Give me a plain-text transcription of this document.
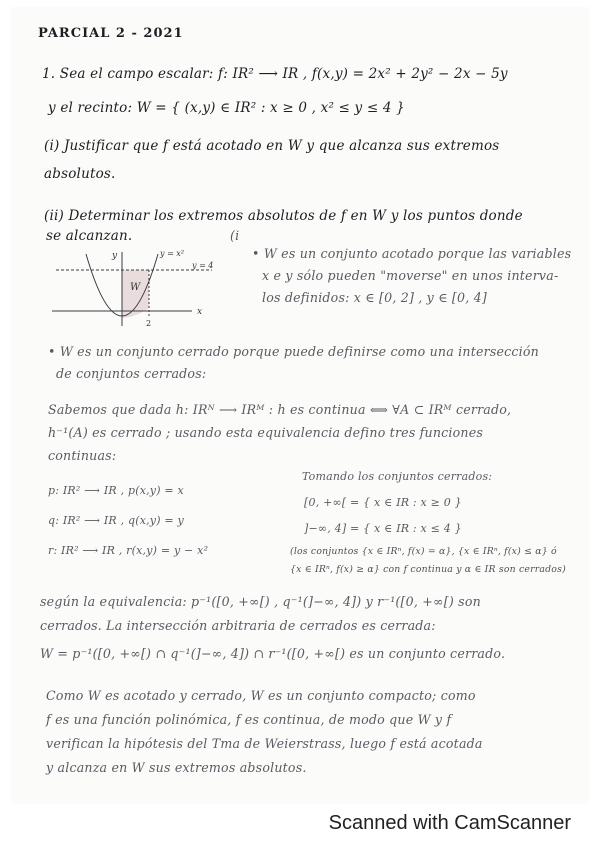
PARCIAL 2 - 2021
1. Sea el campo escalar: f: IR² ⟶ IR , f(x,y) = 2x² + 2y² − 2x − 5y
y el recinto: W = { (x,y) ∈ IR² : x ≥ 0 , x² ≤ y ≤ 4 }
(i) Justificar que f está acotado en W y que alcanza sus extremos
absolutos.
(ii) Determinar los extremos absolutos de f en W y los puntos donde
se alcanzan.	(i
y	y = x²
y = 4
W
x
2
• W es un conjunto acotado porque las variables
x e y sólo pueden "moverse" en unos interva-
los definidos: x ∈ [0, 2] , y ∈ [0, 4]
• W es un conjunto cerrado porque puede definirse como una intersección
de conjuntos cerrados:
Sabemos que dada h: IRᴺ ⟶ IRᴹ : h es continua ⟺ ∀A ⊂ IRᴹ cerrado,
h⁻¹(A) es cerrado ; usando esta equivalencia defino tres funciones
continuas:
p: IR² ⟶ IR , p(x,y) = x
q: IR² ⟶ IR , q(x,y) = y
r: IR² ⟶ IR , r(x,y) = y − x²
Tomando los conjuntos cerrados:
[0, +∞[ = { x ∈ IR : x ≥ 0 }
]−∞, 4] = { x ∈ IR : x ≤ 4 }
(los conjuntos {x ∈ IRⁿ, f(x) = α}, {x ∈ IRⁿ, f(x) ≤ α} ó
{x ∈ IRⁿ, f(x) ≥ α} con f continua y α ∈ IR son cerrados)
según la equivalencia: p⁻¹([0, +∞[) , q⁻¹(]−∞, 4]) y r⁻¹([0, +∞[) son
cerrados. La intersección arbitraria de cerrados es cerrada:
W = p⁻¹([0, +∞[) ∩ q⁻¹(]−∞, 4]) ∩ r⁻¹([0, +∞[) es un conjunto cerrado.
Como W es acotado y cerrado, W es un conjunto compacto; como
f es una función polinómica, f es continua, de modo que W y f
verifican la hipótesis del Tma de Weierstrass, luego f está acotada
y alcanza en W sus extremos absolutos.
Scanned with CamScanner
